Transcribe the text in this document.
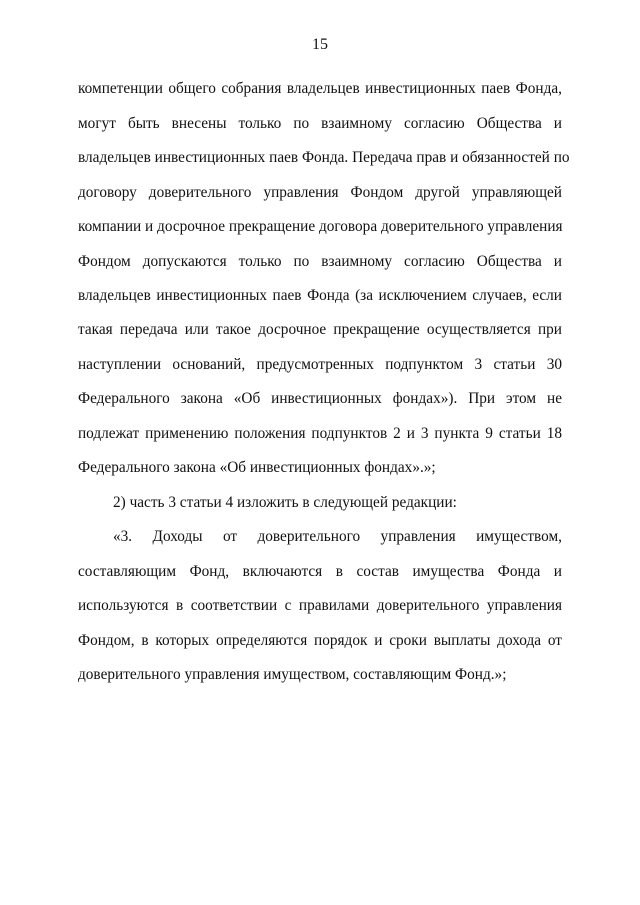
15
компетенции общего собрания владельцев инвестиционных паев Фонда,
могут быть внесены только по взаимному согласию Общества и
владельцев инвестиционных паев Фонда. Передача прав и обязанностей по
договору доверительного управления Фондом другой управляющей
компании и досрочное прекращение договора доверительного управления
Фондом допускаются только по взаимному согласию Общества и
владельцев инвестиционных паев Фонда (за исключением случаев, если
такая передача или такое досрочное прекращение осуществляется при
наступлении оснований, предусмотренных подпунктом 3 статьи 30
Федерального закона «Об инвестиционных фондах»). При этом не
подлежат применению положения подпунктов 2 и 3 пункта 9 статьи 18
Федерального закона «Об инвестиционных фондах».»;
2) часть 3 статьи 4 изложить в следующей редакции:
«3. Доходы от доверительного управления имуществом,
составляющим Фонд, включаются в состав имущества Фонда и
используются в соответствии с правилами доверительного управления
Фондом, в которых определяются порядок и сроки выплаты дохода от
доверительного управления имуществом, составляющим Фонд.»;
